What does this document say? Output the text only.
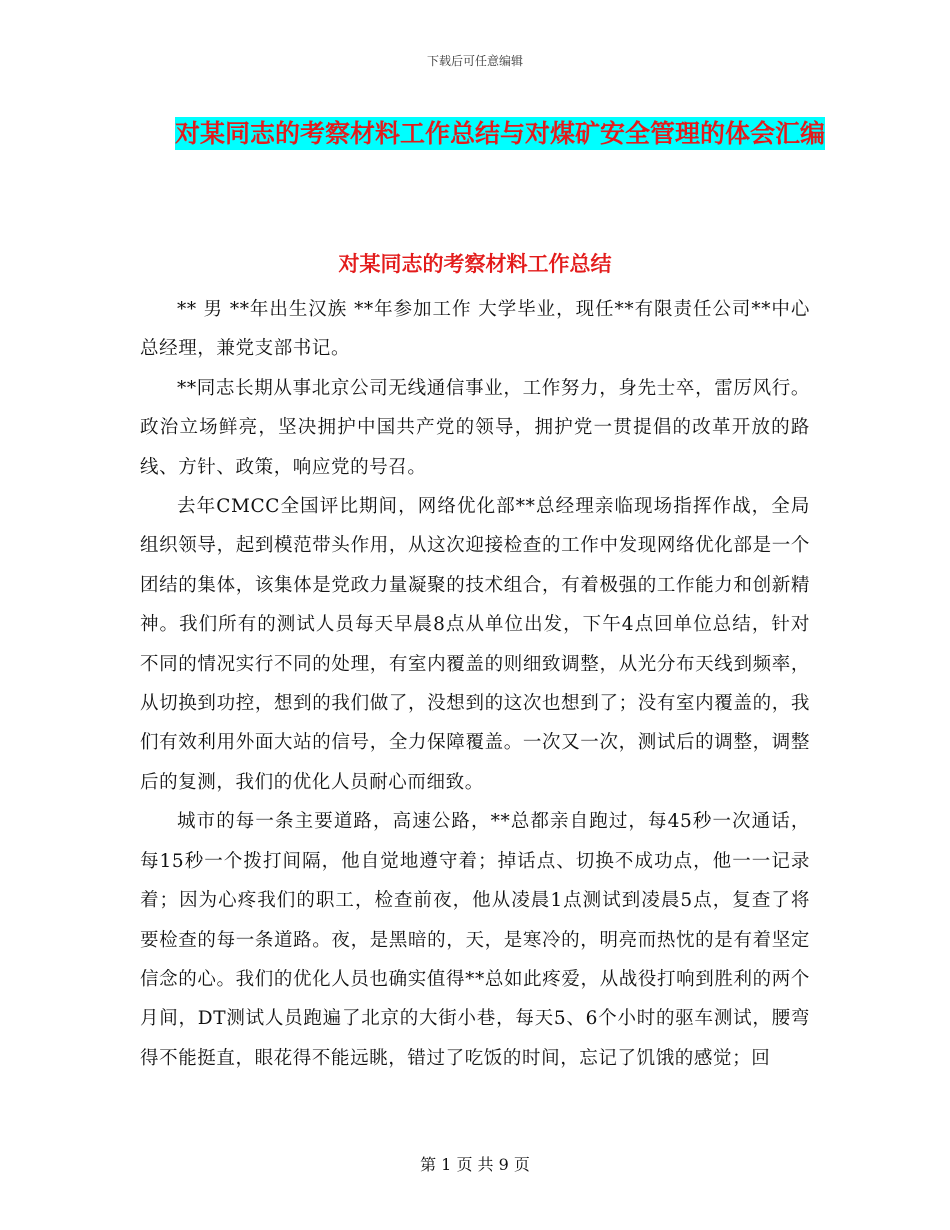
下载后可任意编辑
对某同志的考察材料工作总结与对煤矿安全管理的体会汇编
对某同志的考察材料工作总结

** 男 **年出生汉族 **年参加工作 大学毕业，现任**有限责任公司**中心总经理，兼党支部书记。

**同志长期从事北京公司无线通信事业，工作努力，身先士卒，雷厉风行。政治立场鲜亮，坚决拥护中国共产党的领导，拥护党一贯提倡的改革开放的路线、方针、政策，响应党的号召。

去年CMCC全国评比期间，网络优化部**总经理亲临现场指挥作战，全局组织领导，起到模范带头作用，从这次迎接检查的工作中发现网络优化部是一个团结的集体，该集体是党政力量凝聚的技术组合，有着极强的工作能力和创新精神。我们所有的测试人员每天早晨8点从单位出发，下午4点回单位总结，针对不同的情况实行不同的处理，有室内覆盖的则细致调整，从光分布天线到频率，从切换到功控，想到的我们做了，没想到的这次也想到了；没有室内覆盖的，我们有效利用外面大站的信号，全力保障覆盖。一次又一次，测试后的调整，调整后的复测，我们的优化人员耐心而细致。

城市的每一条主要道路，高速公路，**总都亲自跑过，每45秒一次通话，每15秒一个拨打间隔，他自觉地遵守着；掉话点、切换不成功点，他一一记录着；因为心疼我们的职工，检查前夜，他从凌晨1点测试到凌晨5点，复查了将要检查的每一条道路。夜，是黑暗的，天，是寒冷的，明亮而热忱的是有着坚定信念的心。我们的优化人员也确实值得**总如此疼爱，从战役打响到胜利的两个月间，DT测试人员跑遍了北京的大街小巷，每天5、6个小时的驱车测试，腰弯得不能挺直，眼花得不能远眺，错过了吃饭的时间，忘记了饥饿的感觉；回

第 1 页 共 9 页
